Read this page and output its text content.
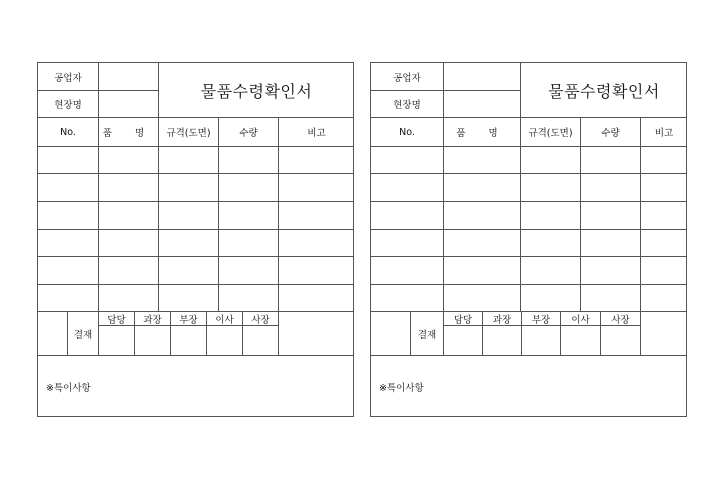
공업자
물품수령확인서
현장명
No.	품 명	규격(도면)	수량	비고
결재
담당	과장	부장	이사	사장
※특이사항
공업자
물품수령확인서
현장명
No.	품 명	규격(도면)	수량	비고
결재
담당	과장	부장	이사	사장
※특이사항
